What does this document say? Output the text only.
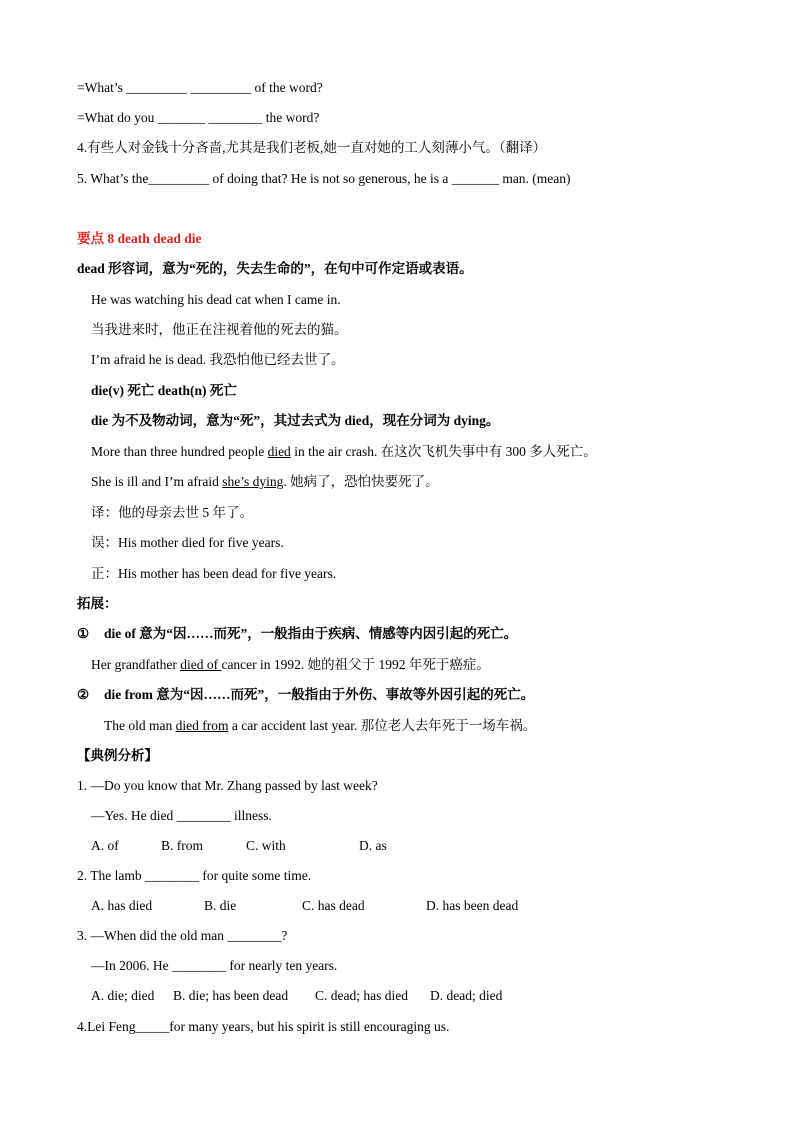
=What’s _________ _________ of the word?
=What do you _______ ________ the word?
4.有些人对金钱十分吝啬,尤其是我们老板,她一直对她的工人刻薄小气。（翻译）
5. What’s the_________ of doing that? He is not so generous, he is a _______ man. (mean)
要点 8 death dead die
dead 形容词，意为“死的，失去生命的”，在句中可作定语或表语。
He was watching his dead cat when I came in.
当我进来时，他正在注视着他的死去的猫。
I’m afraid he is dead. 我恐怕他已经去世了。
die(v) 死亡 death(n) 死亡
die 为不及物动词，意为“死”，其过去式为 died，现在分词为 dying。
More than three hundred people died in the air crash. 在这次飞机失事中有 300 多人死亡。
She is ill and I’m afraid she’s dying. 她病了，恐怕快要死了。
译：他的母亲去世 5 年了。
误：His mother died for five years.
正：His mother has been dead for five years.
拓展：
① die of 意为“因……而死”，一般指由于疾病、情感等内因引起的死亡。
Her grandfather died of cancer in 1992. 她的祖父于 1992 年死于癌症。
② die from 意为“因……而死”，一般指由于外伤、事故等外因引起的死亡。
The old man died from a car accident last year. 那位老人去年死于一场车祸。
【典例分析】
1. —Do you know that Mr. Zhang passed by last week?
—Yes. He died ________ illness.
A. of	B. from	C. with	D. as
2. The lamb ________ for quite some time.
A. has died	B. die	C. has dead	D. has been dead
3. —When did the old man ________?
—In 2006. He ________ for nearly ten years.
A. die; died B. die; has been dead C. dead; has died D. dead; died
4.Lei Feng_____for many years, but his spirit is still encouraging us.
